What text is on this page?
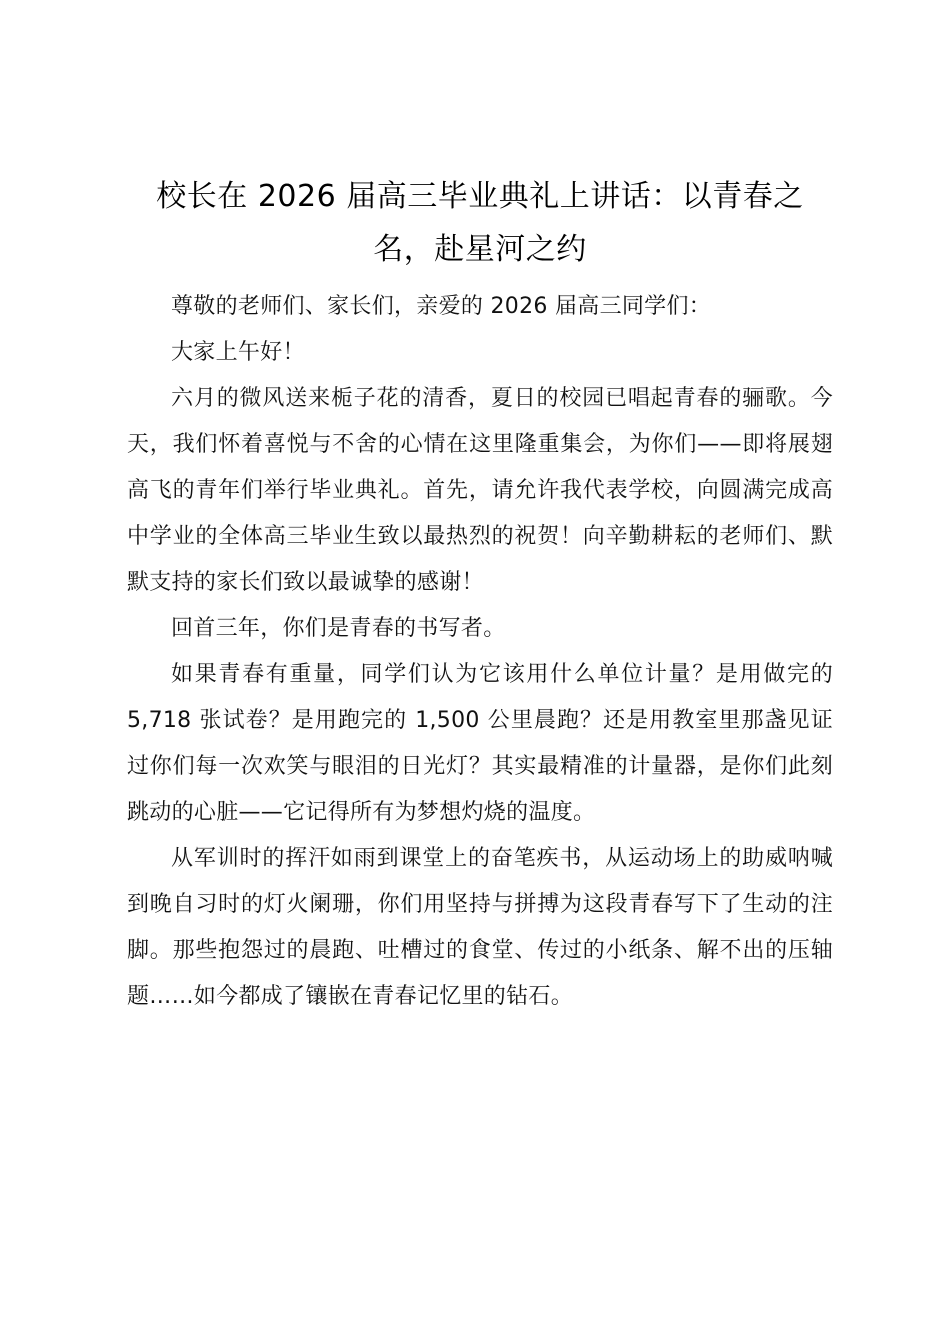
校长在 2026 届高三毕业典礼上讲话：以青春之名，赴星河之约

尊敬的老师们、家长们，亲爱的 2026 届高三同学们：

大家上午好！

六月的微风送来栀子花的清香，夏日的校园已唱起青春的骊歌。今天，我们怀着喜悦与不舍的心情在这里隆重集会，为你们——即将展翅高飞的青年们举行毕业典礼。首先，请允许我代表学校，向圆满完成高中学业的全体高三毕业生致以最热烈的祝贺！向辛勤耕耘的老师们、默默支持的家长们致以最诚挚的感谢！

回首三年，你们是青春的书写者。

如果青春有重量，同学们认为它该用什么单位计量？是用做完的 5,718 张试卷？是用跑完的 1,500 公里晨跑？还是用教室里那盏见证过你们每一次欢笑与眼泪的日光灯？其实最精准的计量器，是你们此刻跳动的心脏——它记得所有为梦想灼烧的温度。

从军训时的挥汗如雨到课堂上的奋笔疾书，从运动场上的助威呐喊到晚自习时的灯火阑珊，你们用坚持与拼搏为这段青春写下了生动的注脚。那些抱怨过的晨跑、吐槽过的食堂、传过的小纸条、解不出的压轴题……如今都成了镶嵌在青春记忆里的钻石。
